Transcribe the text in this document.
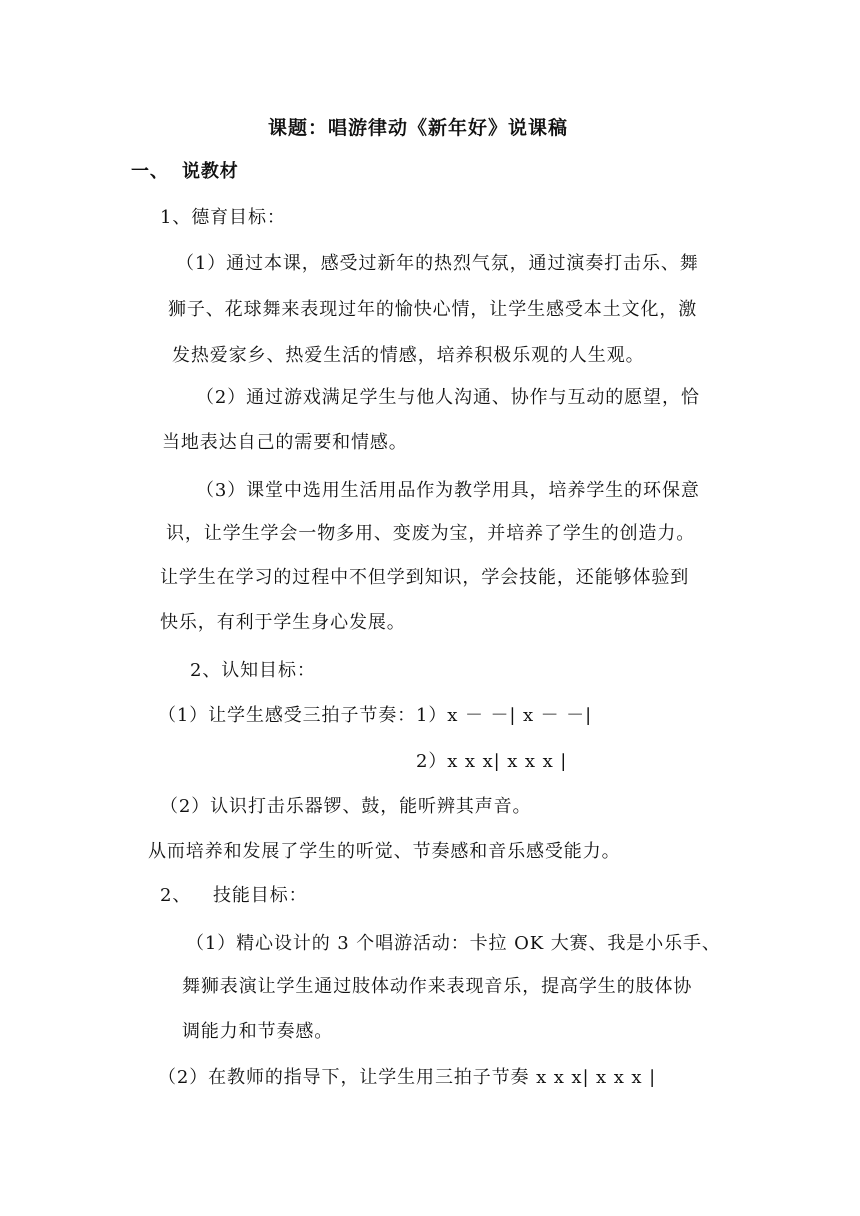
课题：唱游律动《新年好》说课稿
一、 说教材
1、德育目标：
（1）通过本课，感受过新年的热烈气氛，通过演奏打击乐、舞
狮子、花球舞来表现过年的愉快心情，让学生感受本土文化，激
发热爱家乡、热爱生活的情感，培养积极乐观的人生观。
（2）通过游戏满足学生与他人沟通、协作与互动的愿望，恰
当地表达自己的需要和情感。
（3）课堂中选用生活用品作为教学用具，培养学生的环保意
识，让学生学会一物多用、变废为宝，并培养了学生的创造力。
让学生在学习的过程中不但学到知识，学会技能，还能够体验到
快乐，有利于学生身心发展。
2、认知目标：
（1）让学生感受三拍子节奏：1）x － －| x － －|
2）x x x| x x x |
（2）认识打击乐器锣、鼓，能听辨其声音。
从而培养和发展了学生的听觉、节奏感和音乐感受能力。
2、 技能目标：
（1）精心设计的 3 个唱游活动：卡拉 OK 大赛、我是小乐手、
舞狮表演让学生通过肢体动作来表现音乐，提高学生的肢体协
调能力和节奏感。
（2）在教师的指导下，让学生用三拍子节奏 x x x| x x x |
